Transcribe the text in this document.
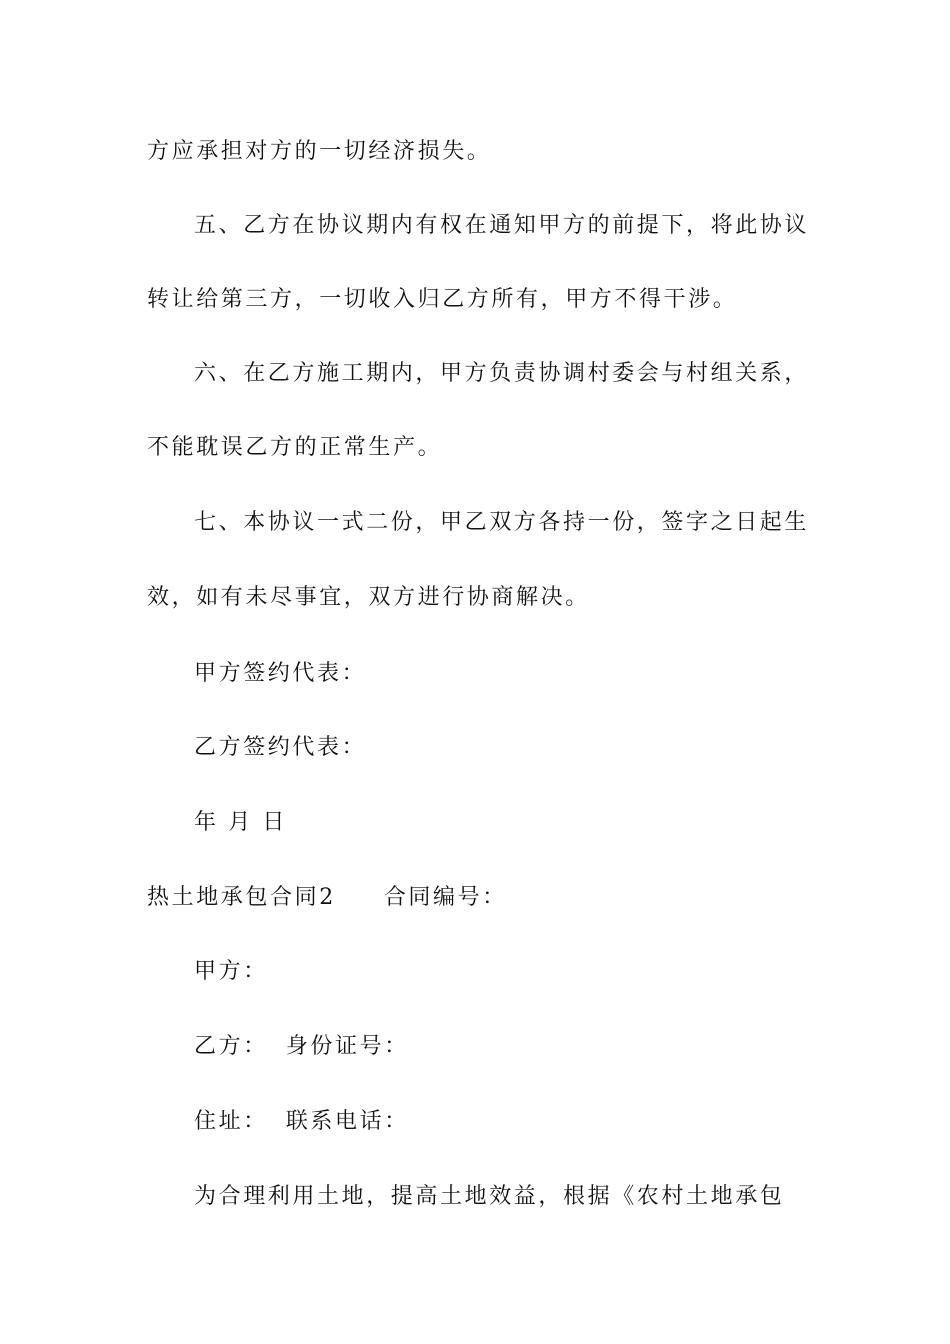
方应承担对方的一切经济损失。
五、乙方在协议期内有权在通知甲方的前提下，将此协议
转让给第三方，一切收入归乙方所有，甲方不得干涉。
六、在乙方施工期内，甲方负责协调村委会与村组关系，
不能耽误乙方的正常生产。
七、本协议一式二份，甲乙双方各持一份，签字之日起生
效，如有未尽事宜，双方进行协商解决。
甲方签约代表：
乙方签约代表：
年 月 日
热土地承包合同2 合同编号：
甲方：
乙方： 身份证号：
住址： 联系电话：
为合理利用土地，提高土地效益，根据《农村土地承包
